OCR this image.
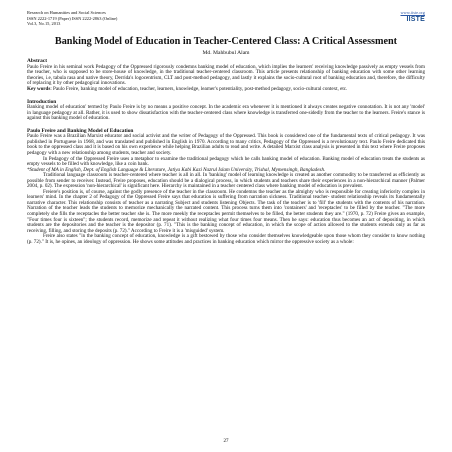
Research on Humanities and Social Sciences
ISSN 2222-1719 (Paper) ISSN 2222-2863 (Online)
Vol.3, No.15, 2013
www.iiste.org
IISTE
Banking Model of Education in Teacher-Centered Class: A Critical Assessment
Md. Mahbubul Alam
Abstract

Paulo Freire in his seminal work Pedagogy of the Oppressed rigorously condemns banking model of education, which implies the learners' receiving knowledge passively as empty vessels from the teacher, who is supposed to be store-house of knowledge, in the traditional teacher-centered classroom. This article presents relationship of banking education with some other learning theories, i.e, tabula rasa and native theory, Derrida's logocentrism, CLT and post-method pedagogy, and lastly it explains the socio-cultural root of banking education and, therefore, the difficulty of replacing it by other pedagogical innovations.

Key words: Paulo Freire, banking model of education, teacher, learners, knowledge, learner's potentiality, post-method pedagogy, socio-cultural context, etc.

Introduction

Banking model of education' termed by Paulo Freire is by no means a positive concept. In the academic era whenever it is mentioned it always creates negative connotation. It is not any 'model' in language pedagogy at all. Rather, it is used to show dissatisfaction with the teacher-centered class where knowledge is transferred one-sidedly from the teacher to the learners. Freire's stance is against this banking model of education.

Paulo Freire and Banking Model of Education

Paulo Freire was a Brazilian Marxist educator and social activist and the writer of Pedagogy of the Oppressed. This book is considered one of the fundamental texts of critical pedagogy. It was published in Portuguese in 1968, and was translated and published in English in 1970. According to many critics, Pedagogy of the Oppressed is a revolutionary text. Paulo Freire dedicated this book to the oppressed class and it is based on his own experience while helping Brazilian adults to read and write. A detailed Marxist class analysis is presented in this text where Freire proposes pedagogy with a new relationship among students, teacher and society.

In Pedagogy of the Oppressed Freire uses a metaphor to examine the traditional pedagogy which he calls banking model of education. Banking model of education treats the students as empty vessels to be filled with knowledge, like a coin bank.

*Student of MA in English, Dept. of English Language & Literature, Jatiya Kabi Kazi Nazrul Islam University, Trishal, Mymensingh, Bangladesh.

Traditional language classroom is teacher-centered where teacher is all in all. In 'banking' model of learning knowledge is created as another commodity to be transferred as efficiently as possible from sender to receiver. Instead, Freire proposes, education should be a dialogical process, in which students and teachers share their experiences in a non-hierarchical manner (Palmer 2004, p. 02). The expression 'non-hierarchical' is significant here. Hierarchy is maintained in a teacher centered class where banking model of education is prevalent.

Freiere's position is, of course, against the godly presence of the teacher in the classroom. He condemns the teacher as the almighty who is responsible for creating inferiority complex in learners' mind. In the chapter 2 of Pedagogy of the Oppressed Freire says that education is suffering from narration sickness. Traditional teacher- student relationship reveals its fundamentally narrative character. This relationship consists of teacher as a narrating Subject and students listening Objects. The task of the teacher is to 'fill' the students with the contents of his narration. Narration of the teacher leads the students to memorize mechanically the narrated content. This process turns them into 'containers' and 'receptacles' to be filled by the teacher. "The more completely she fills the receptacles the better teacher she is. The more meekly the receptacles permit themselves to be filled, the better students they are." (1970, p. 72) Freire gives an example, "Four times four is sixteen"; the students record, memorize and repeat it without realizing what four times four means. Then he says: education thus becomes an act of depositing, in which students are the depositories and the teacher is the depositor (p. 71). "This is the banking concept of education, in which the scope of action allowed to the students extends only as far as receiving, filling, and storing the deposits (p. 72)." According to Freire it is a 'misguided' system.

Freire also states "in the banking concept of education, knowledge is a gift bestowed by those who consider themselves knowledgeable upon those whom they consider to know nothing (p. 72)." It is, he opines, an ideology of oppression. He shows some attitudes and practices in banking education which mirror the oppressive society as a whole:

27
